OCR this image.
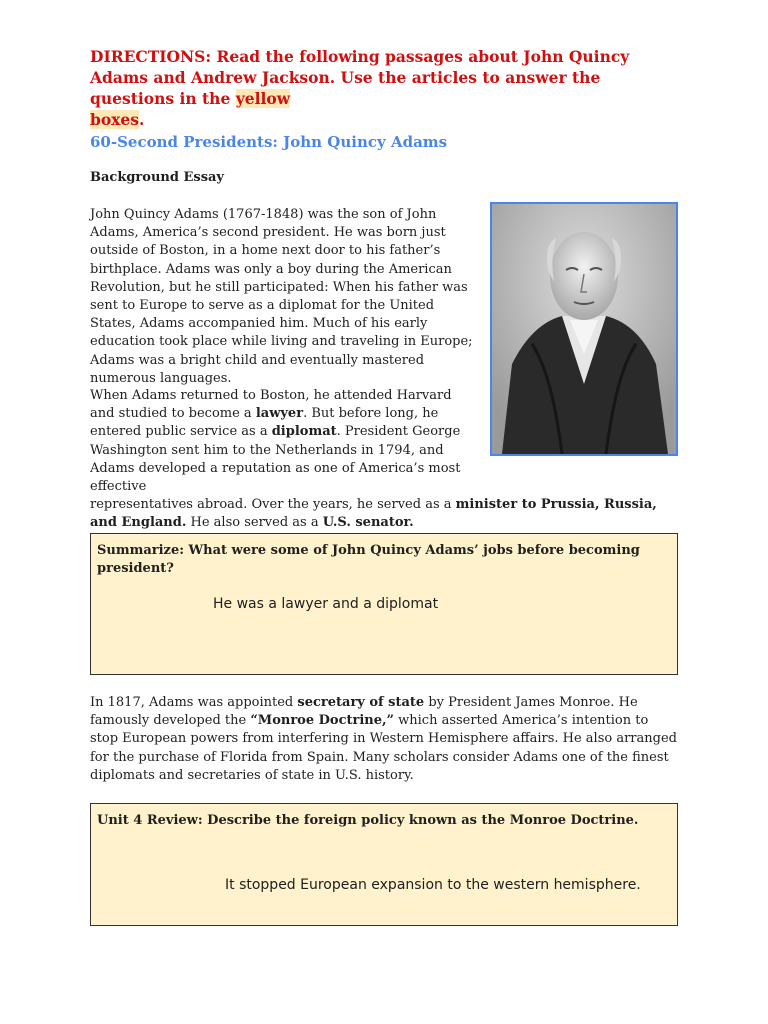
DIRECTIONS: Read the following passages about John Quincy Adams and Andrew Jackson. Use the articles to answer the questions in the yellow
boxes.
60-Second Presidents: John Quincy Adams
Background Essay
John Quincy Adams (1767-1848) was the son of John Adams, America’s second president. He was born just outside of Boston, in a home next door to his father’s birthplace. Adams was only a boy during the American Revolution, but he still participated: When his father was sent to Europe to serve as a diplomat for the United States, Adams accompanied him. Much of his early education took place while living and traveling in Europe; Adams was a bright child and eventually mastered numerous languages.
When Adams returned to Boston, he attended Harvard and studied to become a lawyer. But before long, he entered public service as a diplomat. President George Washington sent him to the Netherlands in 1794, and Adams developed a reputation as one of America’s most effective
representatives abroad. Over the years, he served as a minister to Prussia, Russia, and England. He also served as a U.S. senator.
Summarize: What were some of John Quincy Adams’ jobs before becoming president?
He was a lawyer and a diplomat
In 1817, Adams was appointed secretary of state by President James Monroe. He famously developed the “Monroe Doctrine,” which asserted America’s intention to stop European powers from interfering in Western Hemisphere affairs. He also arranged for the purchase of Florida from Spain. Many scholars consider Adams one of the finest diplomats and secretaries of state in U.S. history.
Unit 4 Review: Describe the foreign policy known as the Monroe Doctrine.
It stopped European expansion to the western hemisphere.
